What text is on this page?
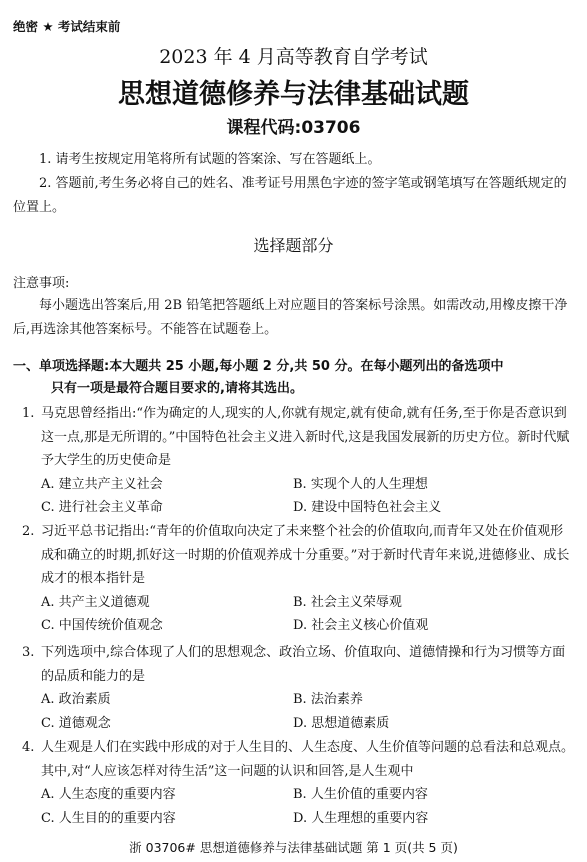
绝密 ★ 考试结束前
2023 年 4 月高等教育自学考试
思想道德修养与法律基础试题
课程代码:03706

1. 请考生按规定用笔将所有试题的答案涂、写在答题纸上。

2. 答题前,考生务必将自己的姓名、准考证号用黑色字迹的签字笔或钢笔填写在答题纸规定的位置上。

选择题部分
注意事项:

每小题选出答案后,用 2B 铅笔把答题纸上对应题目的答案标号涂黑。如需改动,用橡皮擦干净后,再选涂其他答案标号。不能答在试题卷上。

一、单项选择题:本大题共 25 小题,每小题 2 分,共 50 分。在每小题列出的备选项中
只有一项是最符合题目要求的,请将其选出。
1. 马克思曾经指出:“作为确定的人,现实的人,你就有规定,就有使命,就有任务,至于你是否意识到这一点,那是无所谓的。”中国特色社会主义进入新时代,这是我国发展新的历史方位。新时代赋予大学生的历史使命是
A. 建立共产主义社会	B. 实现个人的人生理想
C. 进行社会主义革命	D. 建设中国特色社会主义
2. 习近平总书记指出:“青年的价值取向决定了未来整个社会的价值取向,而青年又处在价值观形成和确立的时期,抓好这一时期的价值观养成十分重要。”对于新时代青年来说,进德修业、成长成才的根本指针是
A. 共产主义道德观	B. 社会主义荣辱观
C. 中国传统价值观念	D. 社会主义核心价值观
3. 下列选项中,综合体现了人们的思想观念、政治立场、价值取向、道德情操和行为习惯等方面的品质和能力的是
A. 政治素质	B. 法治素养
C. 道德观念	D. 思想道德素质
4. 人生观是人们在实践中形成的对于人生目的、人生态度、人生价值等问题的总看法和总观点。其中,对“人应该怎样对待生活”这一问题的认识和回答,是人生观中
A. 人生态度的重要内容	B. 人生价值的重要内容
C. 人生目的的重要内容	D. 人生理想的重要内容
浙 03706# 思想道德修养与法律基础试题 第 1 页(共 5 页)
